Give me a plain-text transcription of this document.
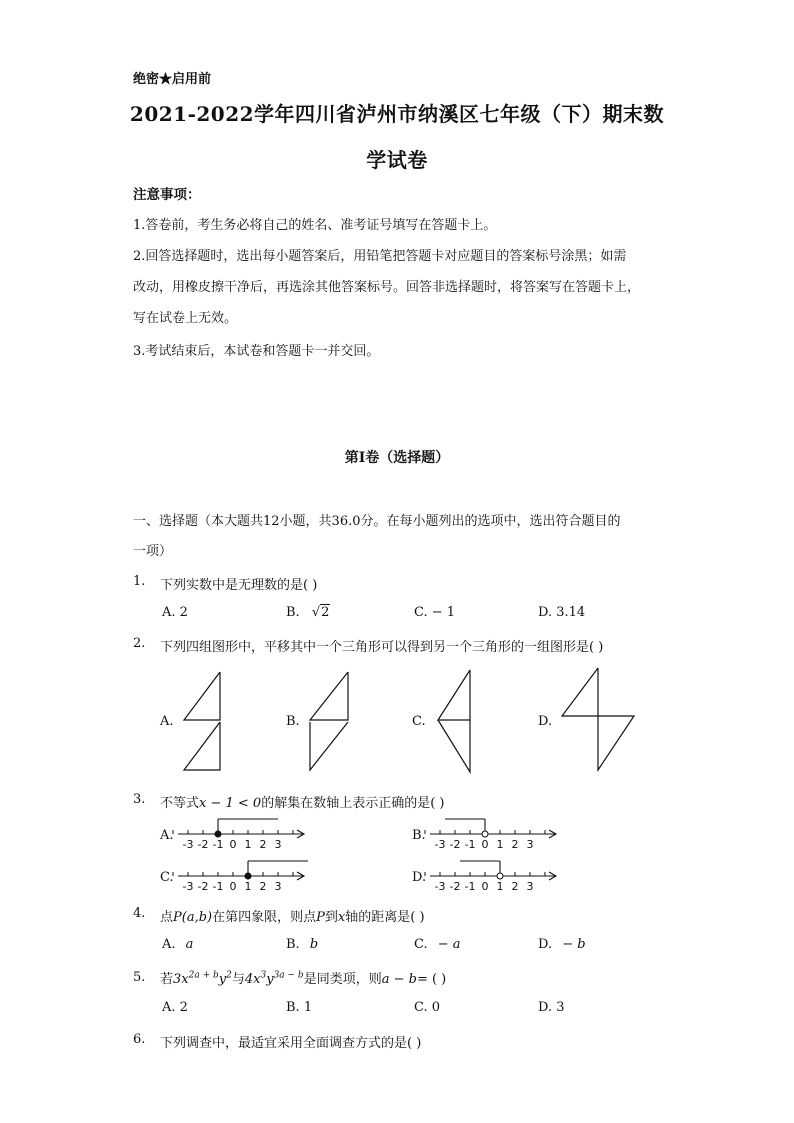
绝密★启用前
2021-2022学年四川省泸州市纳溪区七年级（下）期末数
学试卷
注意事项：
1.答卷前，考生务必将自己的姓名、准考证号填写在答题卡上。
2.回答选择题时，选出每小题答案后，用铅笔把答题卡对应题目的答案标号涂黑；如需
改动，用橡皮擦干净后，再选涂其他答案标号。回答非选择题时，将答案写在答题卡上，
写在试卷上无效。
3.考试结束后，本试卷和答题卡一并交回。
第I卷（选择题）
一、选择题（本大题共12小题，共36.0分。在每小题列出的选项中，选出符合题目的
一项）
1. 下列实数中是无理数的是( )
A. 2	B. √2	C. − 1	D. 3.14
2. 下列四组图形中，平移其中一个三角形可以得到另一个三角形的一组图形是( )
A.	B.	C.	D.
3. 不等式x − 1 < 0的解集在数轴上表示正确的是( )
A.
-3 -2 -1 0 1 2 3
B.
-3 -2 -1 0 1 2 3
C.
-3 -2 -1 0 1 2 3
D.
-3 -2 -1 0 1 2 3
4. 点P(a,b)在第四象限，则点P到x轴的距离是( )
A. a	B. b	C. − a	D. − b
5. 若$3x^{2a + b}y^2$与$4x^3y^{3a - b}$是同类项，则a − b= ( )
A. 2	B. 1	C. 0	D. 3
6. 下列调查中，最适宜采用全面调查方式的是( )
